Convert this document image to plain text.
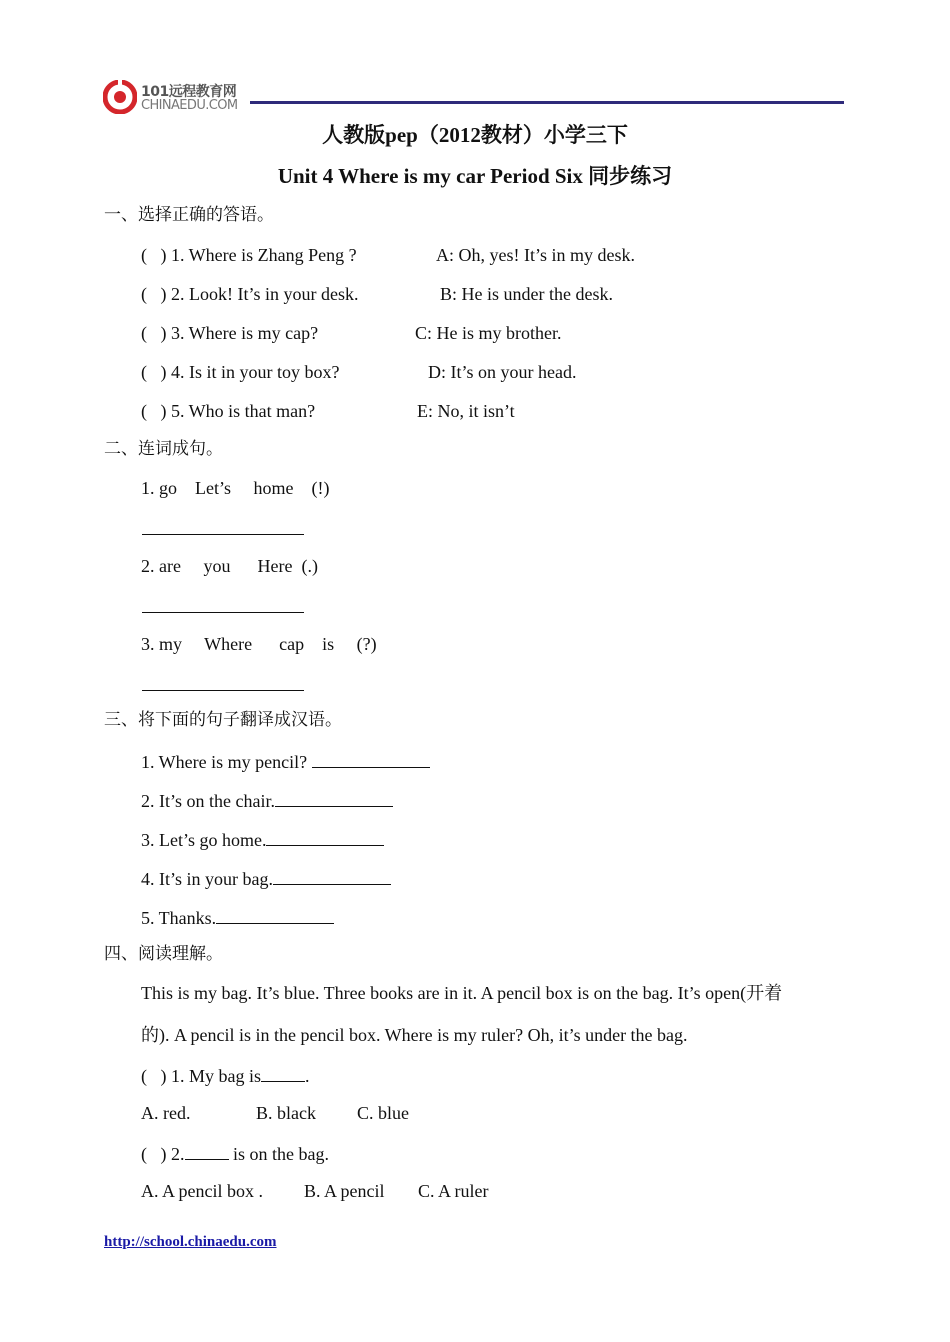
101远程教育网
CHINAEDU.COM
人教版pep（2012教材）小学三下
Unit 4 Where is my car Period Six 同步练习
一、选择正确的答语。
(   ) 1. Where is Zhang Peng ?	A: Oh, yes! It’s in my desk.
(   ) 2. Look! It’s in your desk.	B: He is under the desk.
(   ) 3. Where is my cap?	C: He is my brother.
(   ) 4. Is it in your toy box?	D: It’s on your head.
(   ) 5. Who is that man?	E: No, it isn’t
二、连词成句。
1. go    Let’s     home    (!)
2. are     you      Here  (.)
3. my     Where      cap    is     (?)
三、将下面的句子翻译成汉语。
1. Where is my pencil?
2. It’s on the chair.
3. Let’s go home.
4. It’s in your bag.
5. Thanks.
四、阅读理解。
This is my bag. It’s blue. Three books are in it. A pencil box is on the bag. It’s open(开着
的). A pencil is in the pencil box. Where is my ruler? Oh, it’s under the bag.
(   ) 1. My bag is .
A. red.	B. black C. blue
(   ) 2. is on the bag.
A. A pencil box . B. A pencil C. A ruler
http://school.chinaedu.com
